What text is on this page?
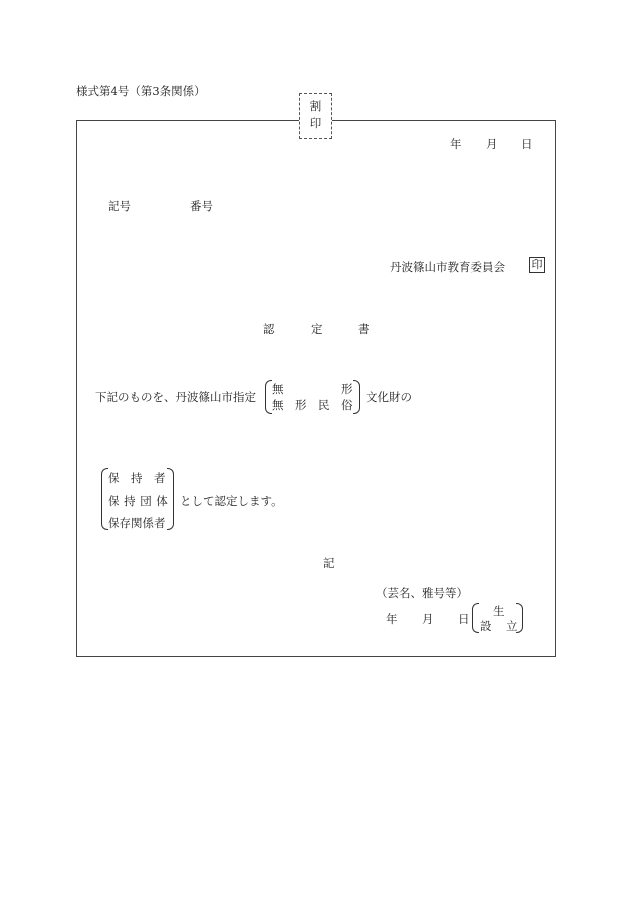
様式第4号（第3条関係）
割
印
年 月 日
記号	番号
丹波篠山市教育委員会 印
認	定	書
下記のものを、丹波篠山市指定
無	形
無 形 民 俗
文化財の
保　持　者
保持団体
保存関係者
として認定します。
記
（芸名、雅号等）
年 月 日
生
設 立
